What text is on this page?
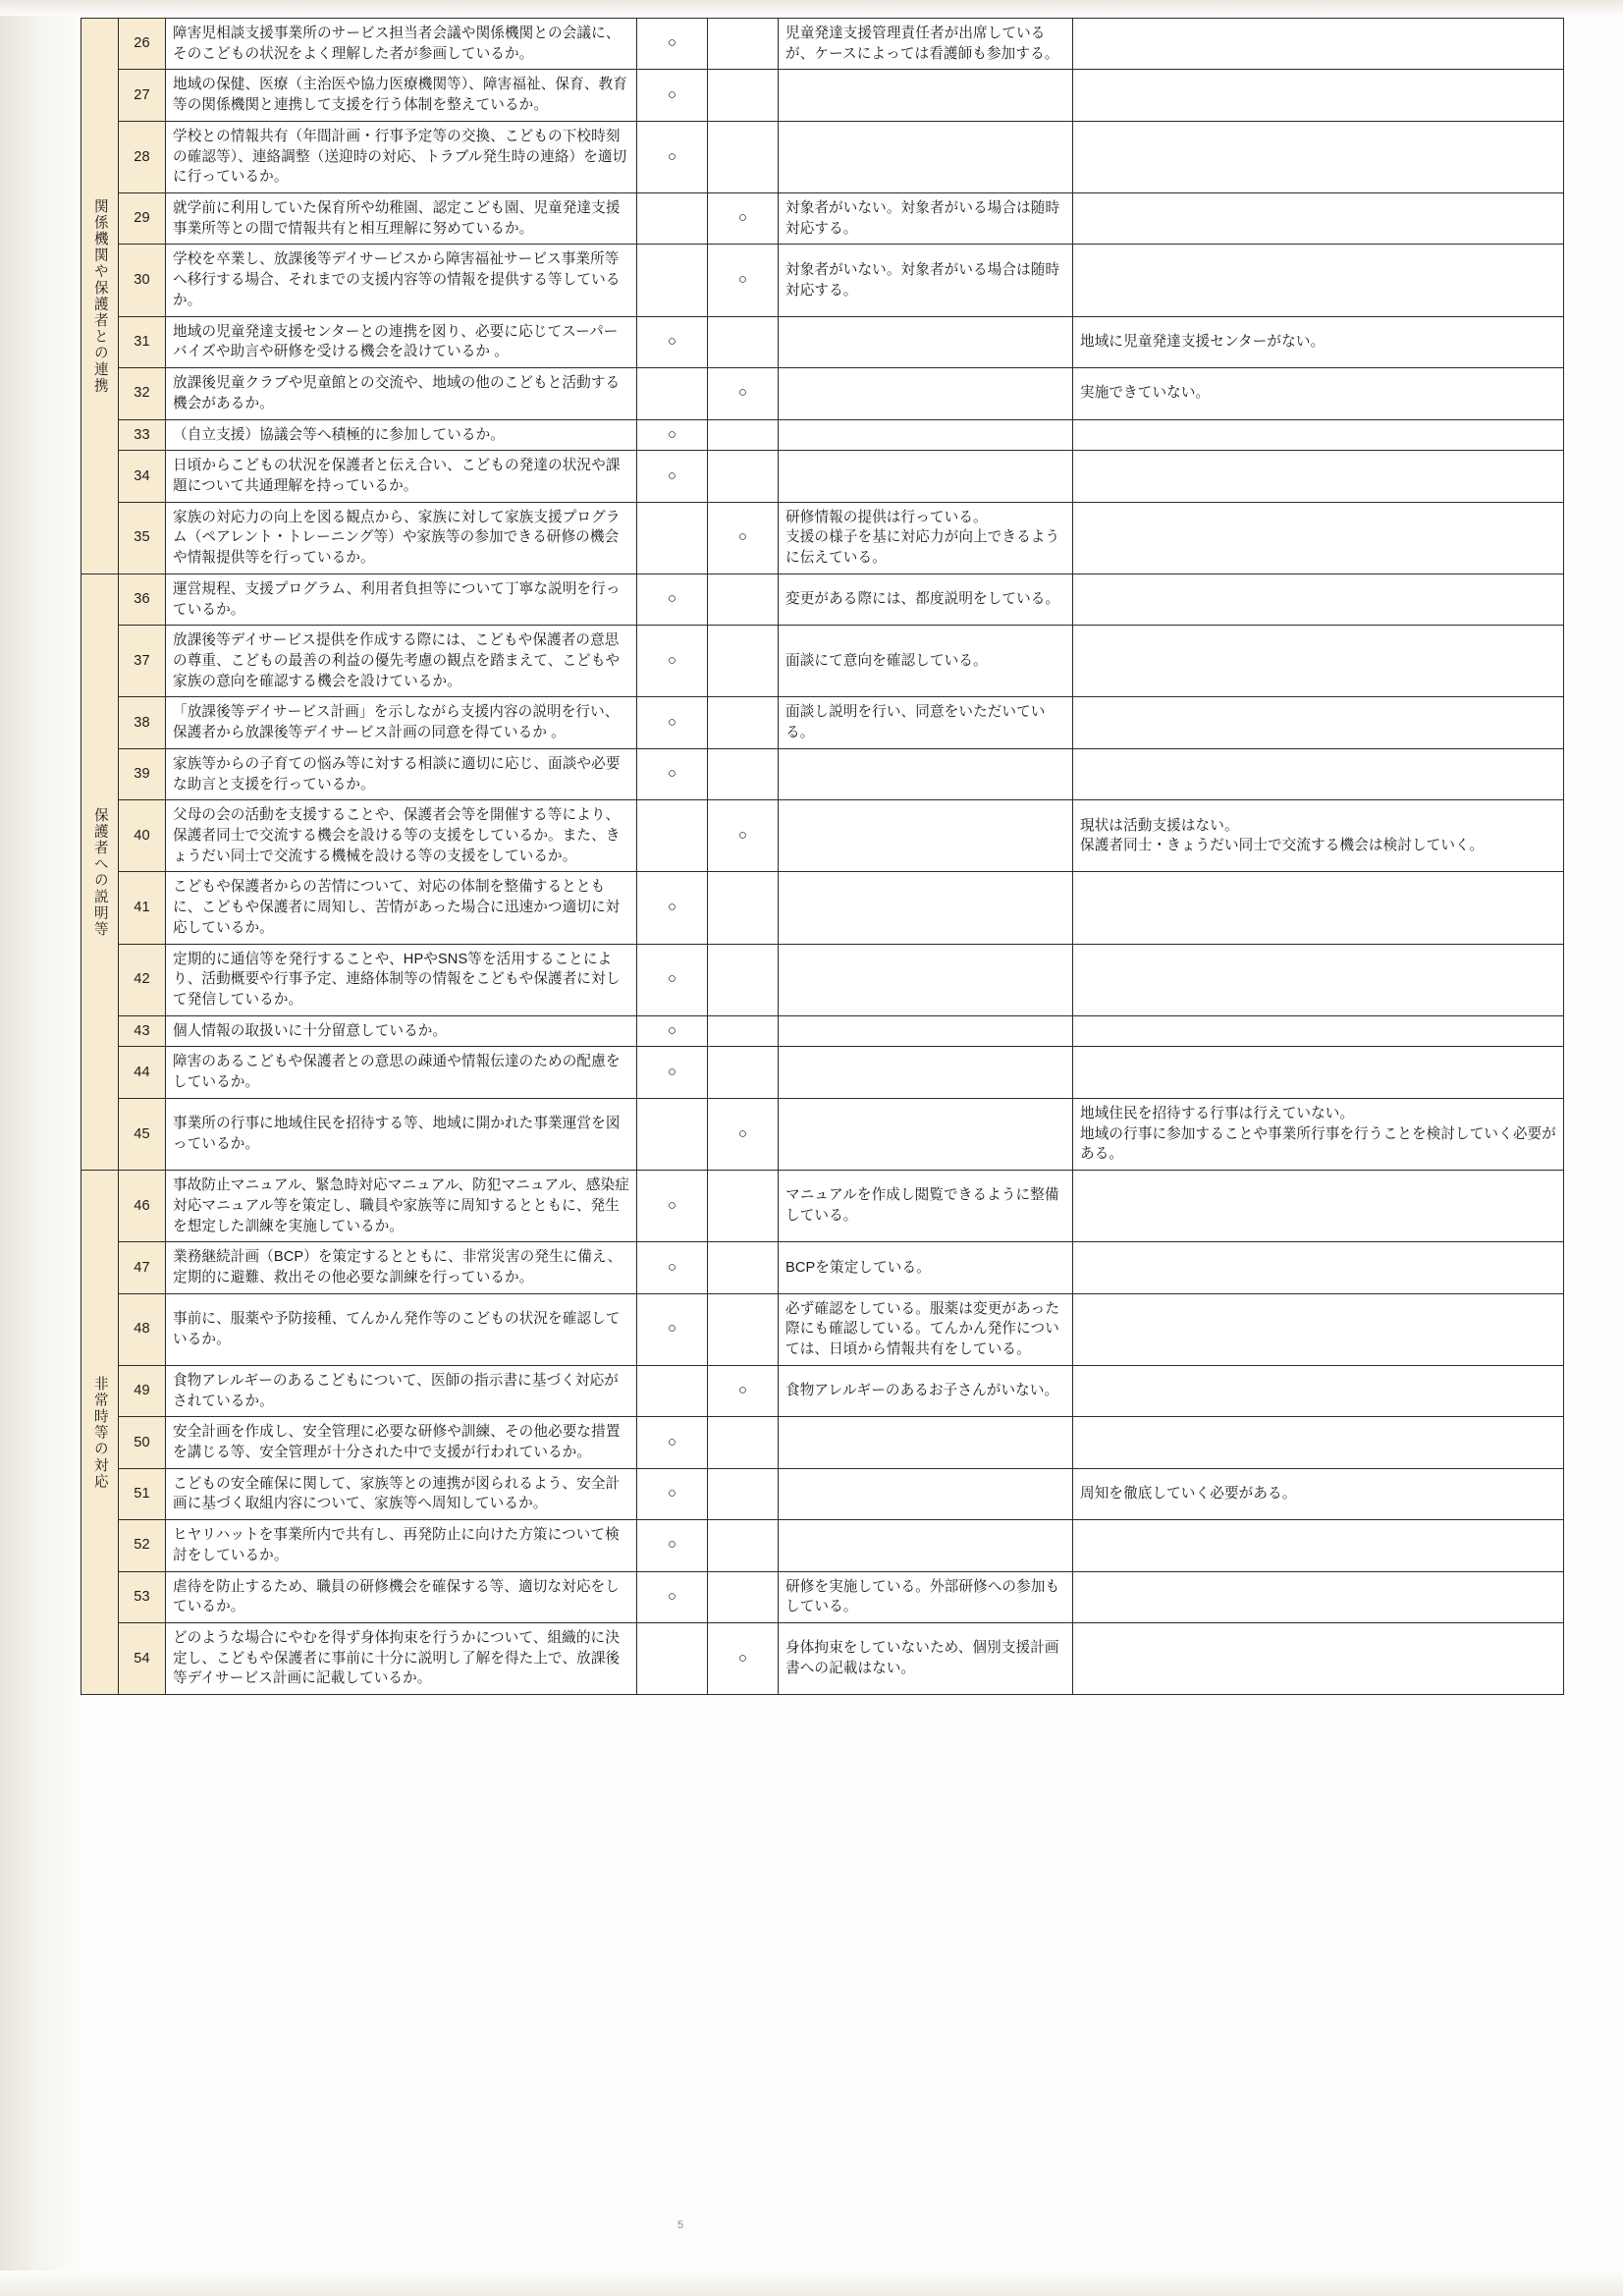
関係機関や保護者との連携	26	障害児相談支援事業所のサービス担当者会議や関係機関との会議に、そのこどもの状況をよく理解した者が参画しているか。	○		児童発達支援管理責任者が出席しているが、ケースによっては看護師も参加する。	
	27	地域の保健、医療（主治医や協力医療機関等）、障害福祉、保育、教育等の関係機関と連携して支援を行う体制を整えているか。	○			
	28	学校との情報共有（年間計画・行事予定等の交換、こどもの下校時刻の確認等）、連絡調整（送迎時の対応、トラブル発生時の連絡）を適切に行っているか。	○			
	29	就学前に利用していた保育所や幼稚園、認定こども園、児童発達支援事業所等との間で情報共有と相互理解に努めているか。		○	対象者がいない。対象者がいる場合は随時対応する。	
	30	学校を卒業し、放課後等デイサービスから障害福祉サービス事業所等へ移行する場合、それまでの支援内容等の情報を提供する等しているか。		○	対象者がいない。対象者がいる場合は随時対応する。	
	31	地域の児童発達支援センターとの連携を図り、必要に応じてスーパーバイズや助言や研修を受ける機会を設けているか 。	○			地域に児童発達支援センターがない。
	32	放課後児童クラブや児童館との交流や、地域の他のこどもと活動する機会があるか。		○		実施できていない。
	33	（自立支援）協議会等へ積極的に参加しているか。	○			
	34	日頃からこどもの状況を保護者と伝え合い、こどもの発達の状況や課題について共通理解を持っているか。	○			
	35	家族の対応力の向上を図る観点から、家族に対して家族支援プログラム（ペアレント・トレーニング等）や家族等の参加できる研修の機会や情報提供等を行っているか。		○	研修情報の提供は行っている。
支援の様子を基に対応力が向上できるように伝えている。	

保護者への説明等	36	運営規程、支援プログラム、利用者負担等について丁寧な説明を行っているか。	○		変更がある際には、都度説明をしている。	
	37	放課後等デイサービス提供を作成する際には、こどもや保護者の意思の尊重、こどもの最善の利益の優先考慮の観点を踏まえて、こどもや家族の意向を確認する機会を設けているか。	○		面談にて意向を確認している。	
	38	「放課後等デイサービス計画」を示しながら支援内容の説明を行い、保護者から放課後等デイサービス計画の同意を得ているか 。	○		面談し説明を行い、同意をいただいている。	
	39	家族等からの子育ての悩み等に対する相談に適切に応じ、面談や必要な助言と支援を行っているか。	○			
	40	父母の会の活動を支援することや、保護者会等を開催する等により、保護者同士で交流する機会を設ける等の支援をしているか。また、きょうだい同士で交流する機械を設ける等の支援をしているか。		○		現状は活動支援はない。
保護者同士・きょうだい同士で交流する機会は検討していく。
	41	こどもや保護者からの苦情について、対応の体制を整備するとともに、こどもや保護者に周知し、苦情があった場合に迅速かつ適切に対応しているか。	○			
	42	定期的に通信等を発行することや、HPやSNS等を活用することにより、活動概要や行事予定、連絡体制等の情報をこどもや保護者に対して発信しているか。	○			
	43	個人情報の取扱いに十分留意しているか。	○			
	44	障害のあるこどもや保護者との意思の疎通や情報伝達のための配慮をしているか。	○			
	45	事業所の行事に地域住民を招待する等、地域に開かれた事業運営を図っているか。		○		地域住民を招待する行事は行えていない。
地域の行事に参加することや事業所行事を行うことを検討していく必要がある。

非常時等の対応	46	事故防止マニュアル、緊急時対応マニュアル、防犯マニュアル、感染症対応マニュアル等を策定し、職員や家族等に周知するとともに、発生を想定した訓練を実施しているか。	○		マニュアルを作成し閲覧できるように整備している。	
	47	業務継続計画（BCP）を策定するとともに、非常災害の発生に備え、定期的に避難、救出その他必要な訓練を行っているか。	○		BCPを策定している。	
	48	事前に、服薬や予防接種、てんかん発作等のこどもの状況を確認しているか。	○		必ず確認をしている。服薬は変更があった際にも確認している。てんかん発作については、日頃から情報共有をしている。	
	49	食物アレルギーのあるこどもについて、医師の指示書に基づく対応がされているか。		○	食物アレルギーのあるお子さんがいない。	
	50	安全計画を作成し、安全管理に必要な研修や訓練、その他必要な措置を講じる等、安全管理が十分された中で支援が行われているか。	○			
	51	こどもの安全確保に関して、家族等との連携が図られるよう、安全計画に基づく取組内容について、家族等へ周知しているか。	○			周知を徹底していく必要がある。
	52	ヒヤリハットを事業所内で共有し、再発防止に向けた方策について検討をしているか。	○			
	53	虐待を防止するため、職員の研修機会を確保する等、適切な対応をしているか。	○		研修を実施している。外部研修への参加もしている。	
	54	どのような場合にやむを得ず身体拘束を行うかについて、組織的に決定し、こどもや保護者に事前に十分に説明し了解を得た上で、放課後等デイサービス計画に記載しているか。		○	身体拘束をしていないため、個別支援計画書への記載はない。	
5
